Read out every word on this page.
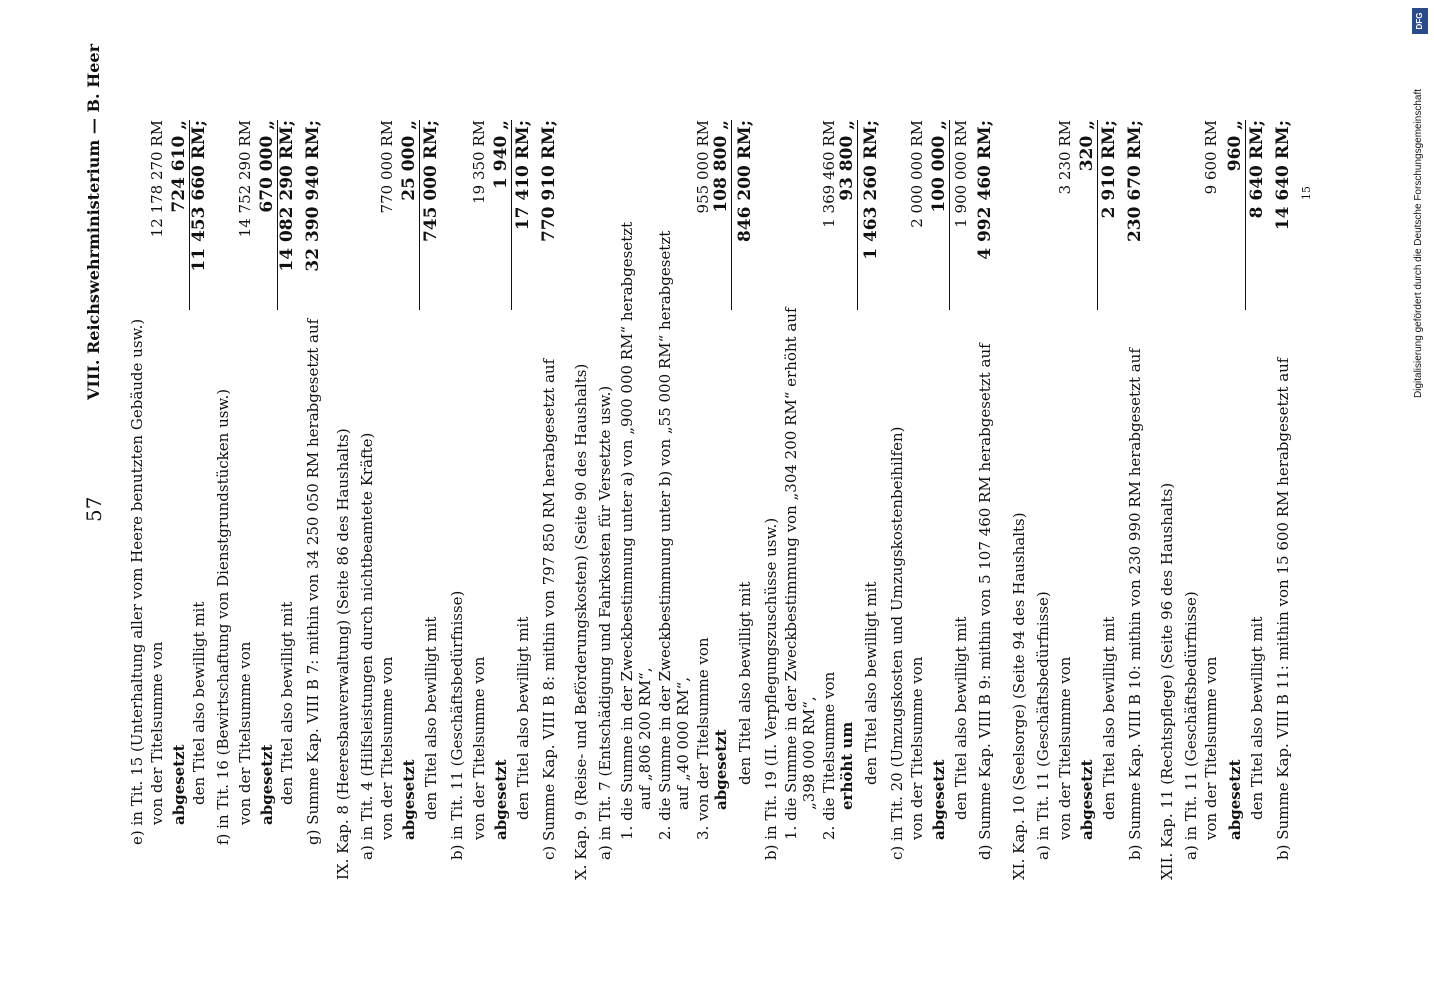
57
VIII. Reichswehrministerium — B. Heer
e) in Tit. 15 (Unterhaltung aller vom Heere benutzten Gebäude usw.) von der Titelsumme von
12 178 270 RM
abgesetzt
724 610 „
den Titel also bewilligt mit
11 453 660 RM;
f) in Tit. 16 (Bewirtschaftung von Dienstgrundstücken usw.) von der Titelsumme von
14 752 290 RM
abgesetzt
670 000 „
den Titel also bewilligt mit
14 082 290 RM;
g) Summe Kap. VIII B 7: mithin von 34 250 050 RM herabgesetzt auf
32 390 940 RM;
IX. Kap. 8 (Heeresbauverwaltung) (Seite 86 des Haushalts) a) in Tit. 4 (Hilfsleistungen durch nichtbeamtete Kräfte) von der Titelsumme von
770 000 RM
abgesetzt
25 000 „
den Titel also bewilligt mit
745 000 RM;
b) in Tit. 11 (Geschäftsbedürfnisse) von der Titelsumme von
19 350 RM
abgesetzt
1 940 „
den Titel also bewilligt mit
17 410 RM;
c) Summe Kap. VIII B 8: mithin von 797 850 RM herabgesetzt auf
770 910 RM;
X. Kap. 9 (Reise- und Beförderungskosten) (Seite 90 des Haushalts) a) in Tit. 7 (Entschädigung und Fahrkosten für Versetzte usw.) 1. die Summe in der Zweckbestimmung unter a) von „900 000 RM“ herabgesetzt auf „806 200 RM“, 2. die Summe in der Zweckbestimmung unter b) von „55 000 RM“ herabgesetzt auf „40 000 RM“, 3. von der Titelsumme von
955 000 RM
abgesetzt
108 800 „
den Titel also bewilligt mit
846 200 RM;
b) in Tit. 19 (II. Verpflegungszuschüsse usw.) 1. die Summe in der Zweckbestimmung von „304 200 RM“ erhöht auf „398 000 RM“, 2. die Titelsumme von
1 369 460 RM
erhöht um
93 800 „
den Titel also bewilligt mit
1 463 260 RM;
c) in Tit. 20 (Umzugskosten und Umzugskostenbeihilfen) von der Titelsumme von
2 000 000 RM
abgesetzt
100 000 „
den Titel also bewilligt mit
1 900 000 RM
d) Summe Kap. VIII B 9: mithin von 5 107 460 RM herabgesetzt auf
4 992 460 RM;
XI. Kap. 10 (Seelsorge) (Seite 94 des Haushalts) a) in Tit. 11 (Geschäftsbedürfnisse) von der Titelsumme von
3 230 RM
abgesetzt
320 „
den Titel also bewilligt mit
2 910 RM;
b) Summe Kap. VIII B 10: mithin von 230 990 RM herabgesetzt auf
230 670 RM;
XII. Kap. 11 (Rechtspflege) (Seite 96 des Haushalts) a) in Tit. 11 (Geschäftsbedürfnisse) von der Titelsumme von
9 600 RM
abgesetzt
960 „
den Titel also bewilligt mit
8 640 RM;
b) Summe Kap. VIII B 11: mithin von 15 600 RM herabgesetzt auf
14 640 RM; 15	Digitalisierung gefördert durch die Deutsche Forschungsgemeinschaft
DFG
